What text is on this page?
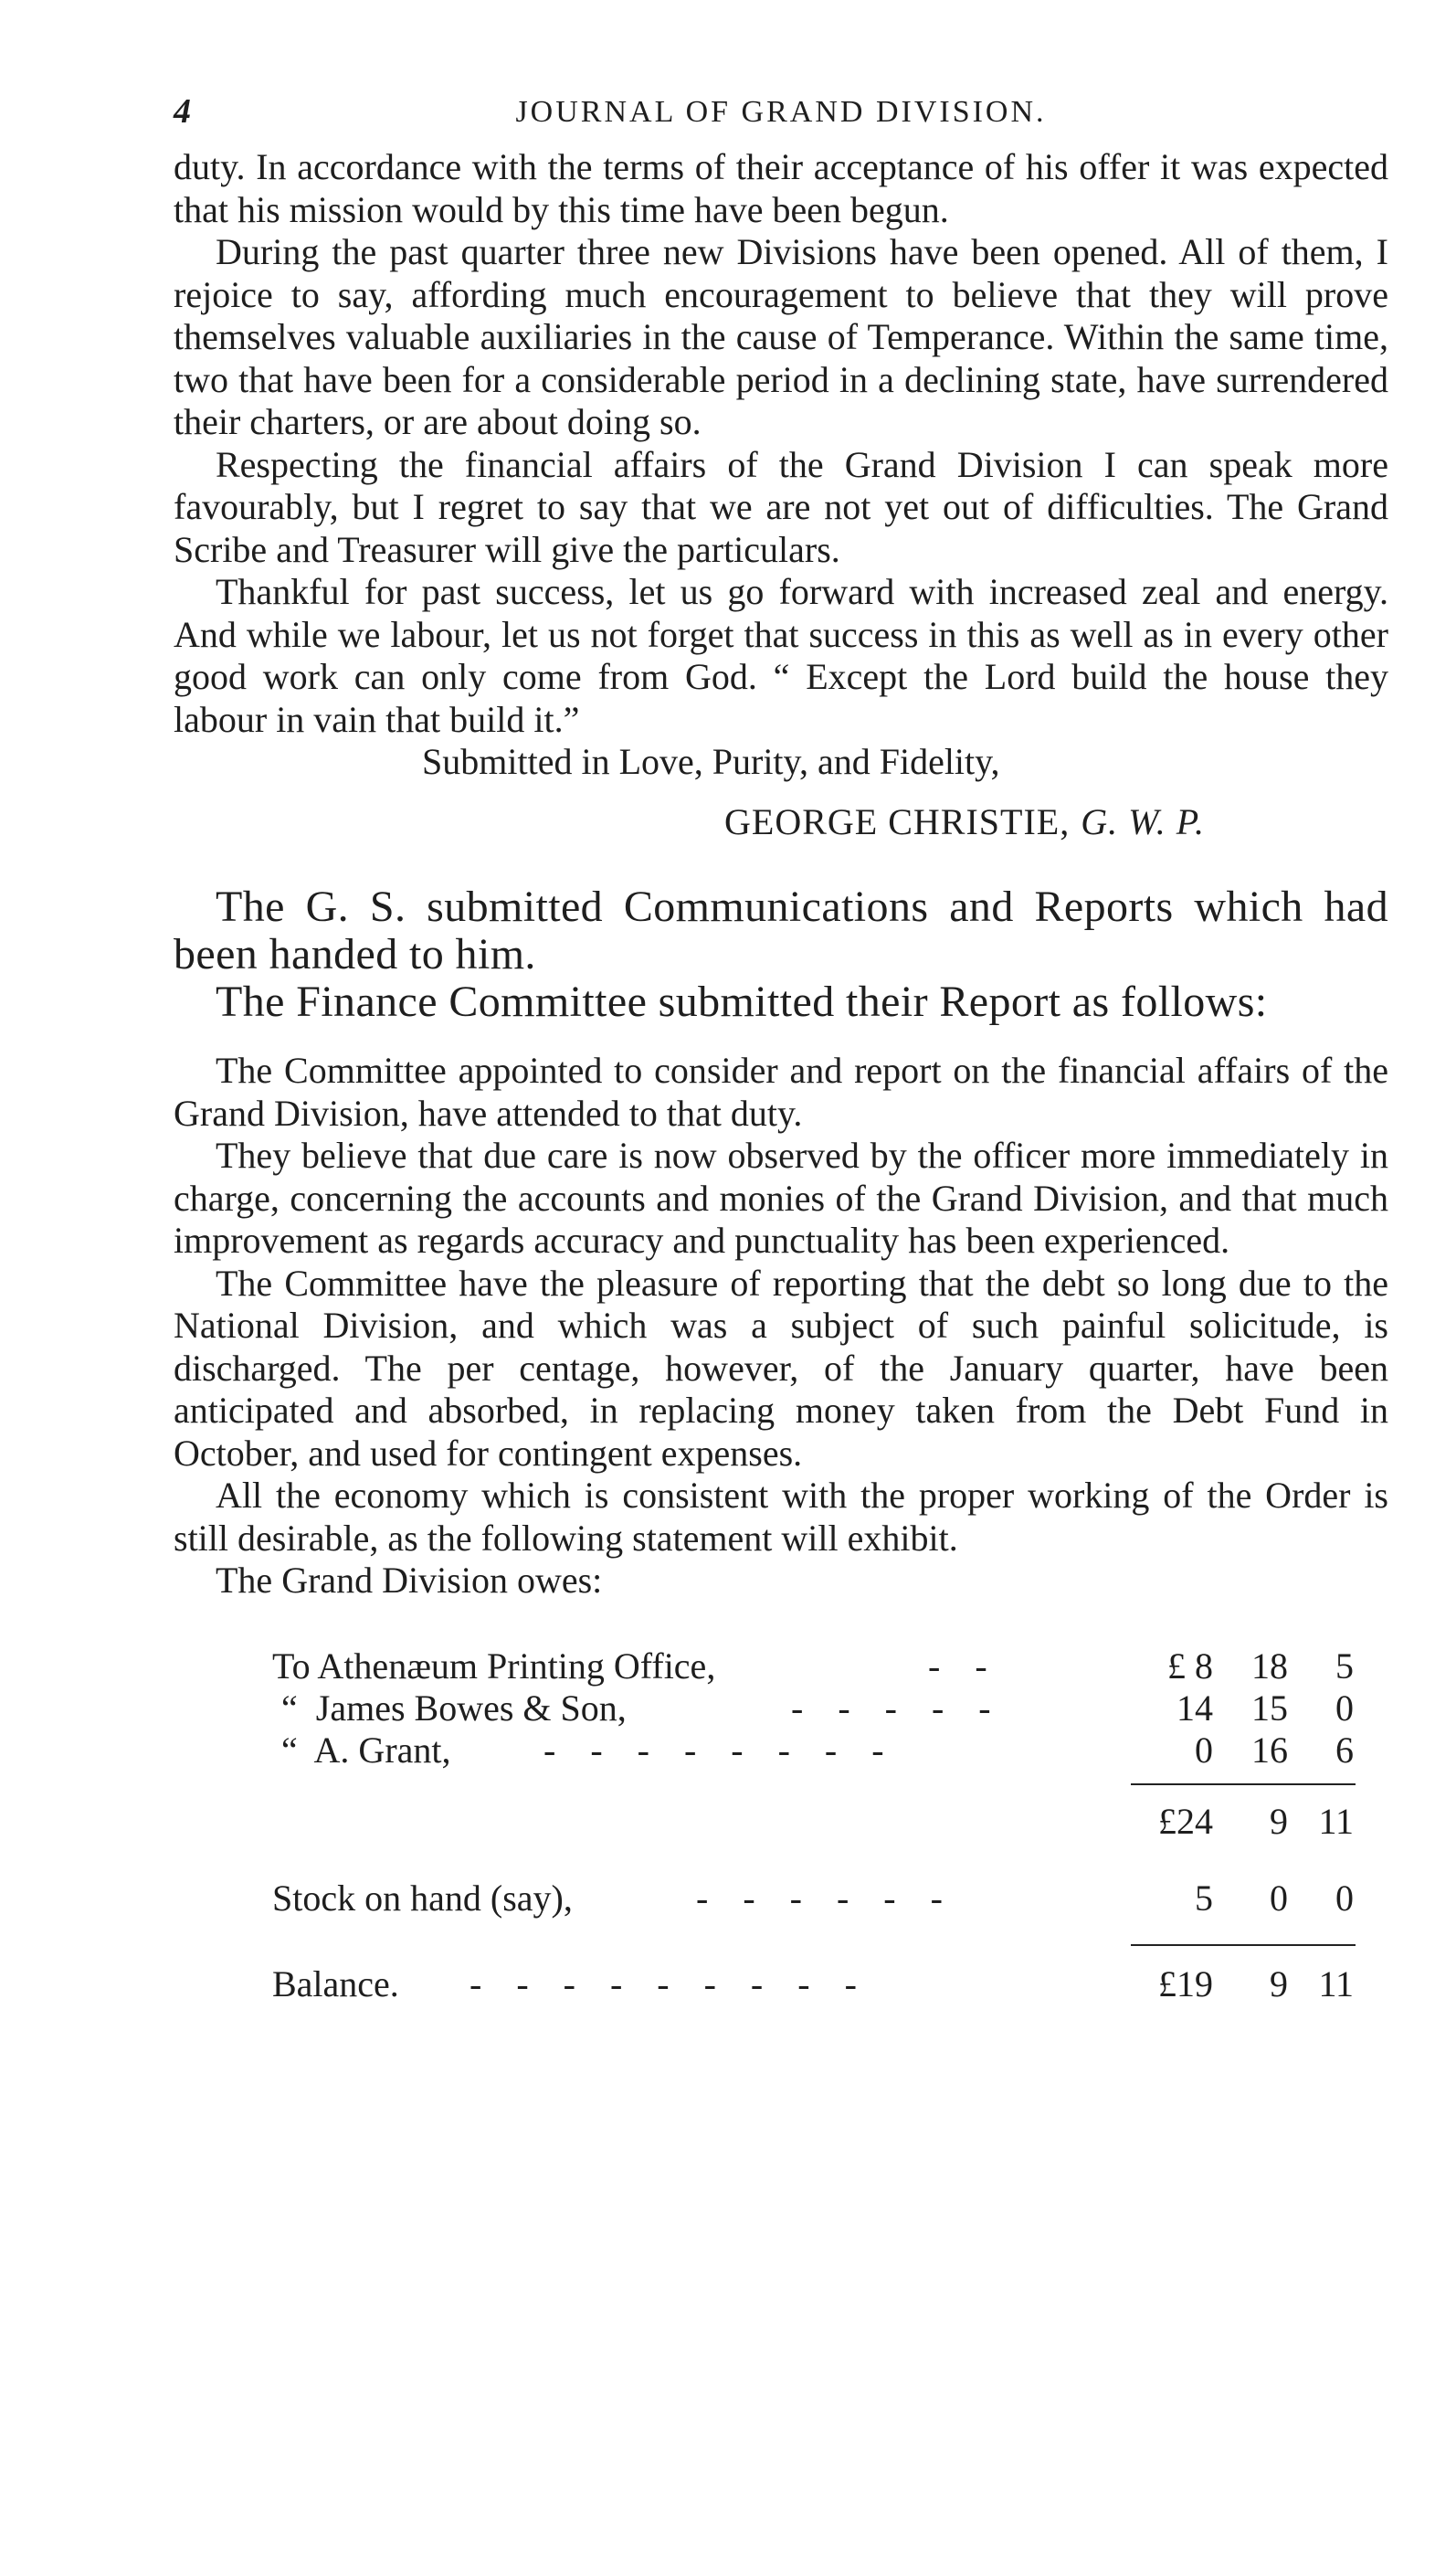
4	JOURNAL OF GRAND DIVISION.

duty. In accordance with the terms of their acceptance of his offer it was expected that his mission would by this time have been begun.

During the past quarter three new Divisions have been opened. All of them, I rejoice to say, affording much encouragement to believe that they will prove themselves valuable auxiliaries in the cause of Temperance. Within the same time, two that have been for a considerable period in a declining state, have surrendered their charters, or are about doing so.

Respecting the financial affairs of the Grand Division I can speak more favourably, but I regret to say that we are not yet out of difficulties. The Grand Scribe and Treasurer will give the particulars.

Thankful for past success, let us go forward with increased zeal and energy. And while we labour, let us not forget that success in this as well as in every other good work can only come from God. “ Except the Lord build the house they labour in vain that build it.”

Submitted in Love, Purity, and Fidelity,
GEORGE CHRISTIE, G. W. P.

The G. S. submitted Communications and Reports which had been handed to him.

The Finance Committee submitted their Report as follows:

The Committee appointed to consider and report on the financial affairs of the Grand Division, have attended to that duty.

They believe that due care is now observed by the officer more immediately in charge, concerning the accounts and monies of the Grand Division, and that much improvement as regards accuracy and punctuality has been experienced.

The Committee have the pleasure of reporting that the debt so long due to the National Division, and which was a subject of such painful solicitude, is discharged. The per centage, however, of the January quarter, have been anticipated and absorbed, in replacing money taken from the Debt Fund in October, and used for contingent expenses.

All the economy which is consistent with the proper working of the Order is still desirable, as the following statement will exhibit.

The Grand Division owes:

To Athenæum Printing Office,	-   -	£ 8	18	5
“  James Bowes & Son,	-   -   -   -   -	14	15	0
“  A. Grant,	-   -   -   -   -   -   -   -	0	16	6
£24	9 11
Stock on hand (say),	-   -   -   -   -   -	5	0	0
Balance. -   -   -   -   -   -   -   -   -	£19	9 11
